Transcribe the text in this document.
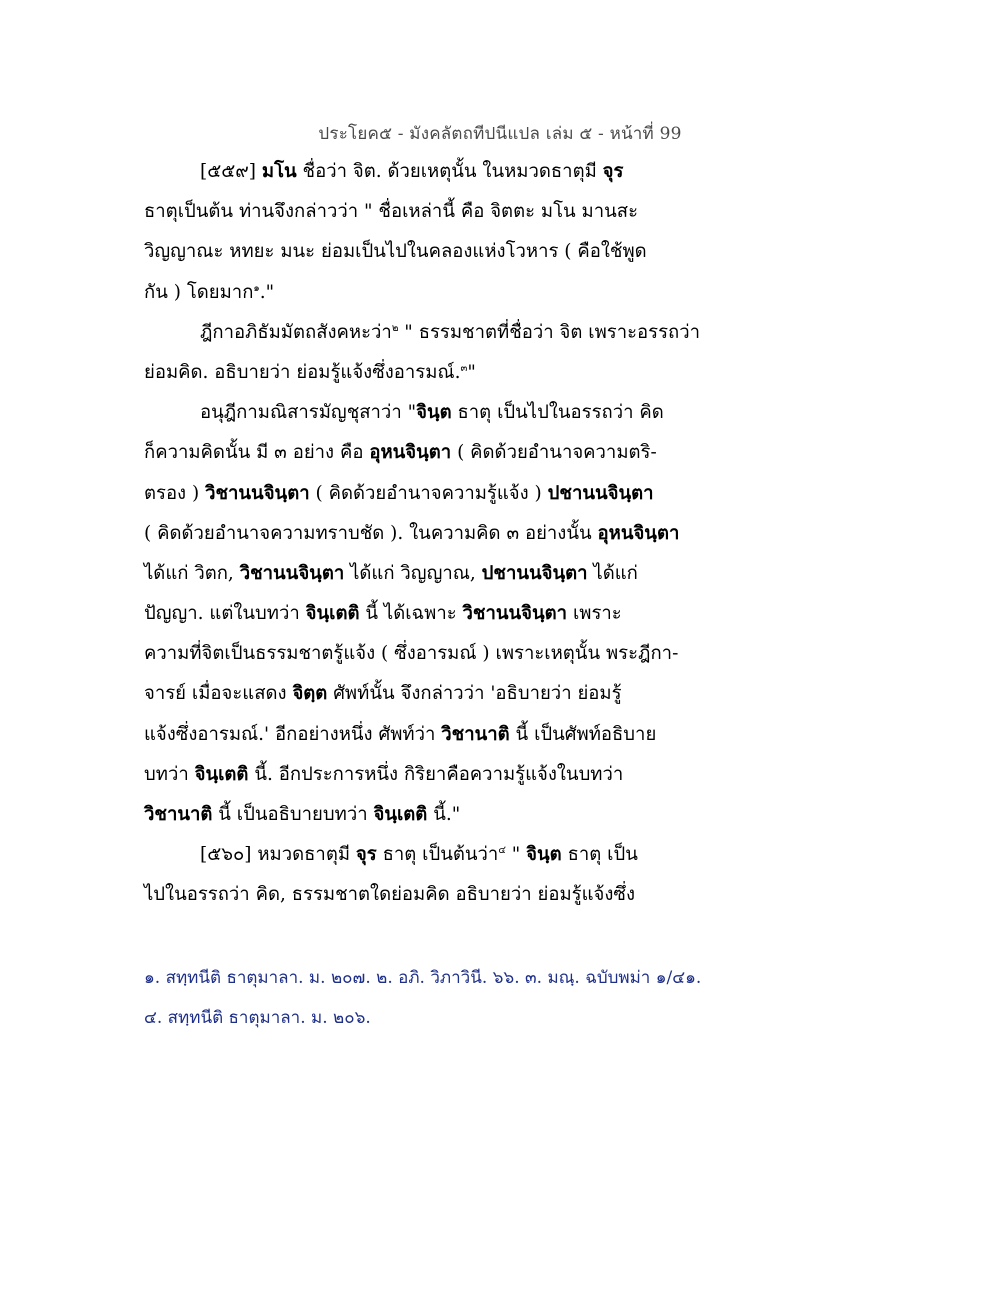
ประโยค๕ - มังคลัตถทีปนีแปล เล่ม ๕ - หน้าที่ 99
[๕๕๙] มโน ชื่อว่า จิต. ด้วยเหตุนั้น ในหมวดธาตุมี จุร
ธาตุเป็นต้น ท่านจึงกล่าวว่า " ชื่อเหล่านี้ คือ จิตตะ มโน มานสะ
วิญญาณะ หทยะ มนะ ย่อมเป็นไปในคลองแห่งโวหาร ( คือใช้พูด
กัน ) โดยมาก$^๑$."
ฎีกาอภิธัมมัตถสังคหะว่า$^๒$ " ธรรมชาตที่ชื่อว่า จิต เพราะอรรถว่า
ย่อมคิด. อธิบายว่า ย่อมรู้แจ้งซึ่งอารมณ์.$^๓$"
อนุฎีกามณิสารมัญชุสาว่า "จินฺต ธาตุ เป็นไปในอรรถว่า คิด
ก็ความคิดนั้น มี ๓ อย่าง คือ อุหนจินฺตา ( คิดด้วยอำนาจความตริ-
ตรอง ) วิชานนจินฺตา ( คิดด้วยอำนาจความรู้แจ้ง ) ปชานนจินฺตา
( คิดด้วยอำนาจความทราบชัด ). ในความคิด ๓ อย่างนั้น อุหนจินฺตา
ได้แก่ วิตก, วิชานนจินฺตา ได้แก่ วิญญาณ, ปชานนจินฺตา ได้แก่
ปัญญา. แต่ในบทว่า จินฺเตติ นี้ ได้เฉพาะ วิชานนจินฺตา เพราะ
ความที่จิตเป็นธรรมชาตรู้แจ้ง ( ซึ่งอารมณ์ ) เพราะเหตุนั้น พระฎีกา-
จารย์ เมื่อจะแสดง จิตฺต ศัพท์นั้น จึงกล่าวว่า 'อธิบายว่า ย่อมรู้
แจ้งซึ่งอารมณ์.' อีกอย่างหนึ่ง ศัพท์ว่า วิชานาติ นี้ เป็นศัพท์อธิบาย
บทว่า จินฺเตติ นี้. อีกประการหนึ่ง กิริยาคือความรู้แจ้งในบทว่า
วิชานาติ นี้ เป็นอธิบายบทว่า จินฺเตติ นี้."
[๕๖๐] หมวดธาตุมี จุร ธาตุ เป็นต้นว่า$^๔$ " จินฺต ธาตุ เป็น
ไปในอรรถว่า คิด, ธรรมชาตใดย่อมคิด อธิบายว่า ย่อมรู้แจ้งซึ่ง
๑. สทฺทนีติ ธาตุมาลา. ม. ๒๐๗. ๒. อภิ. วิภาวินี. ๖๖. ๓. มณฺ. ฉบับพม่า ๑/๔๑.
๔. สทฺทนีติ ธาตุมาลา. ม. ๒๐๖.
